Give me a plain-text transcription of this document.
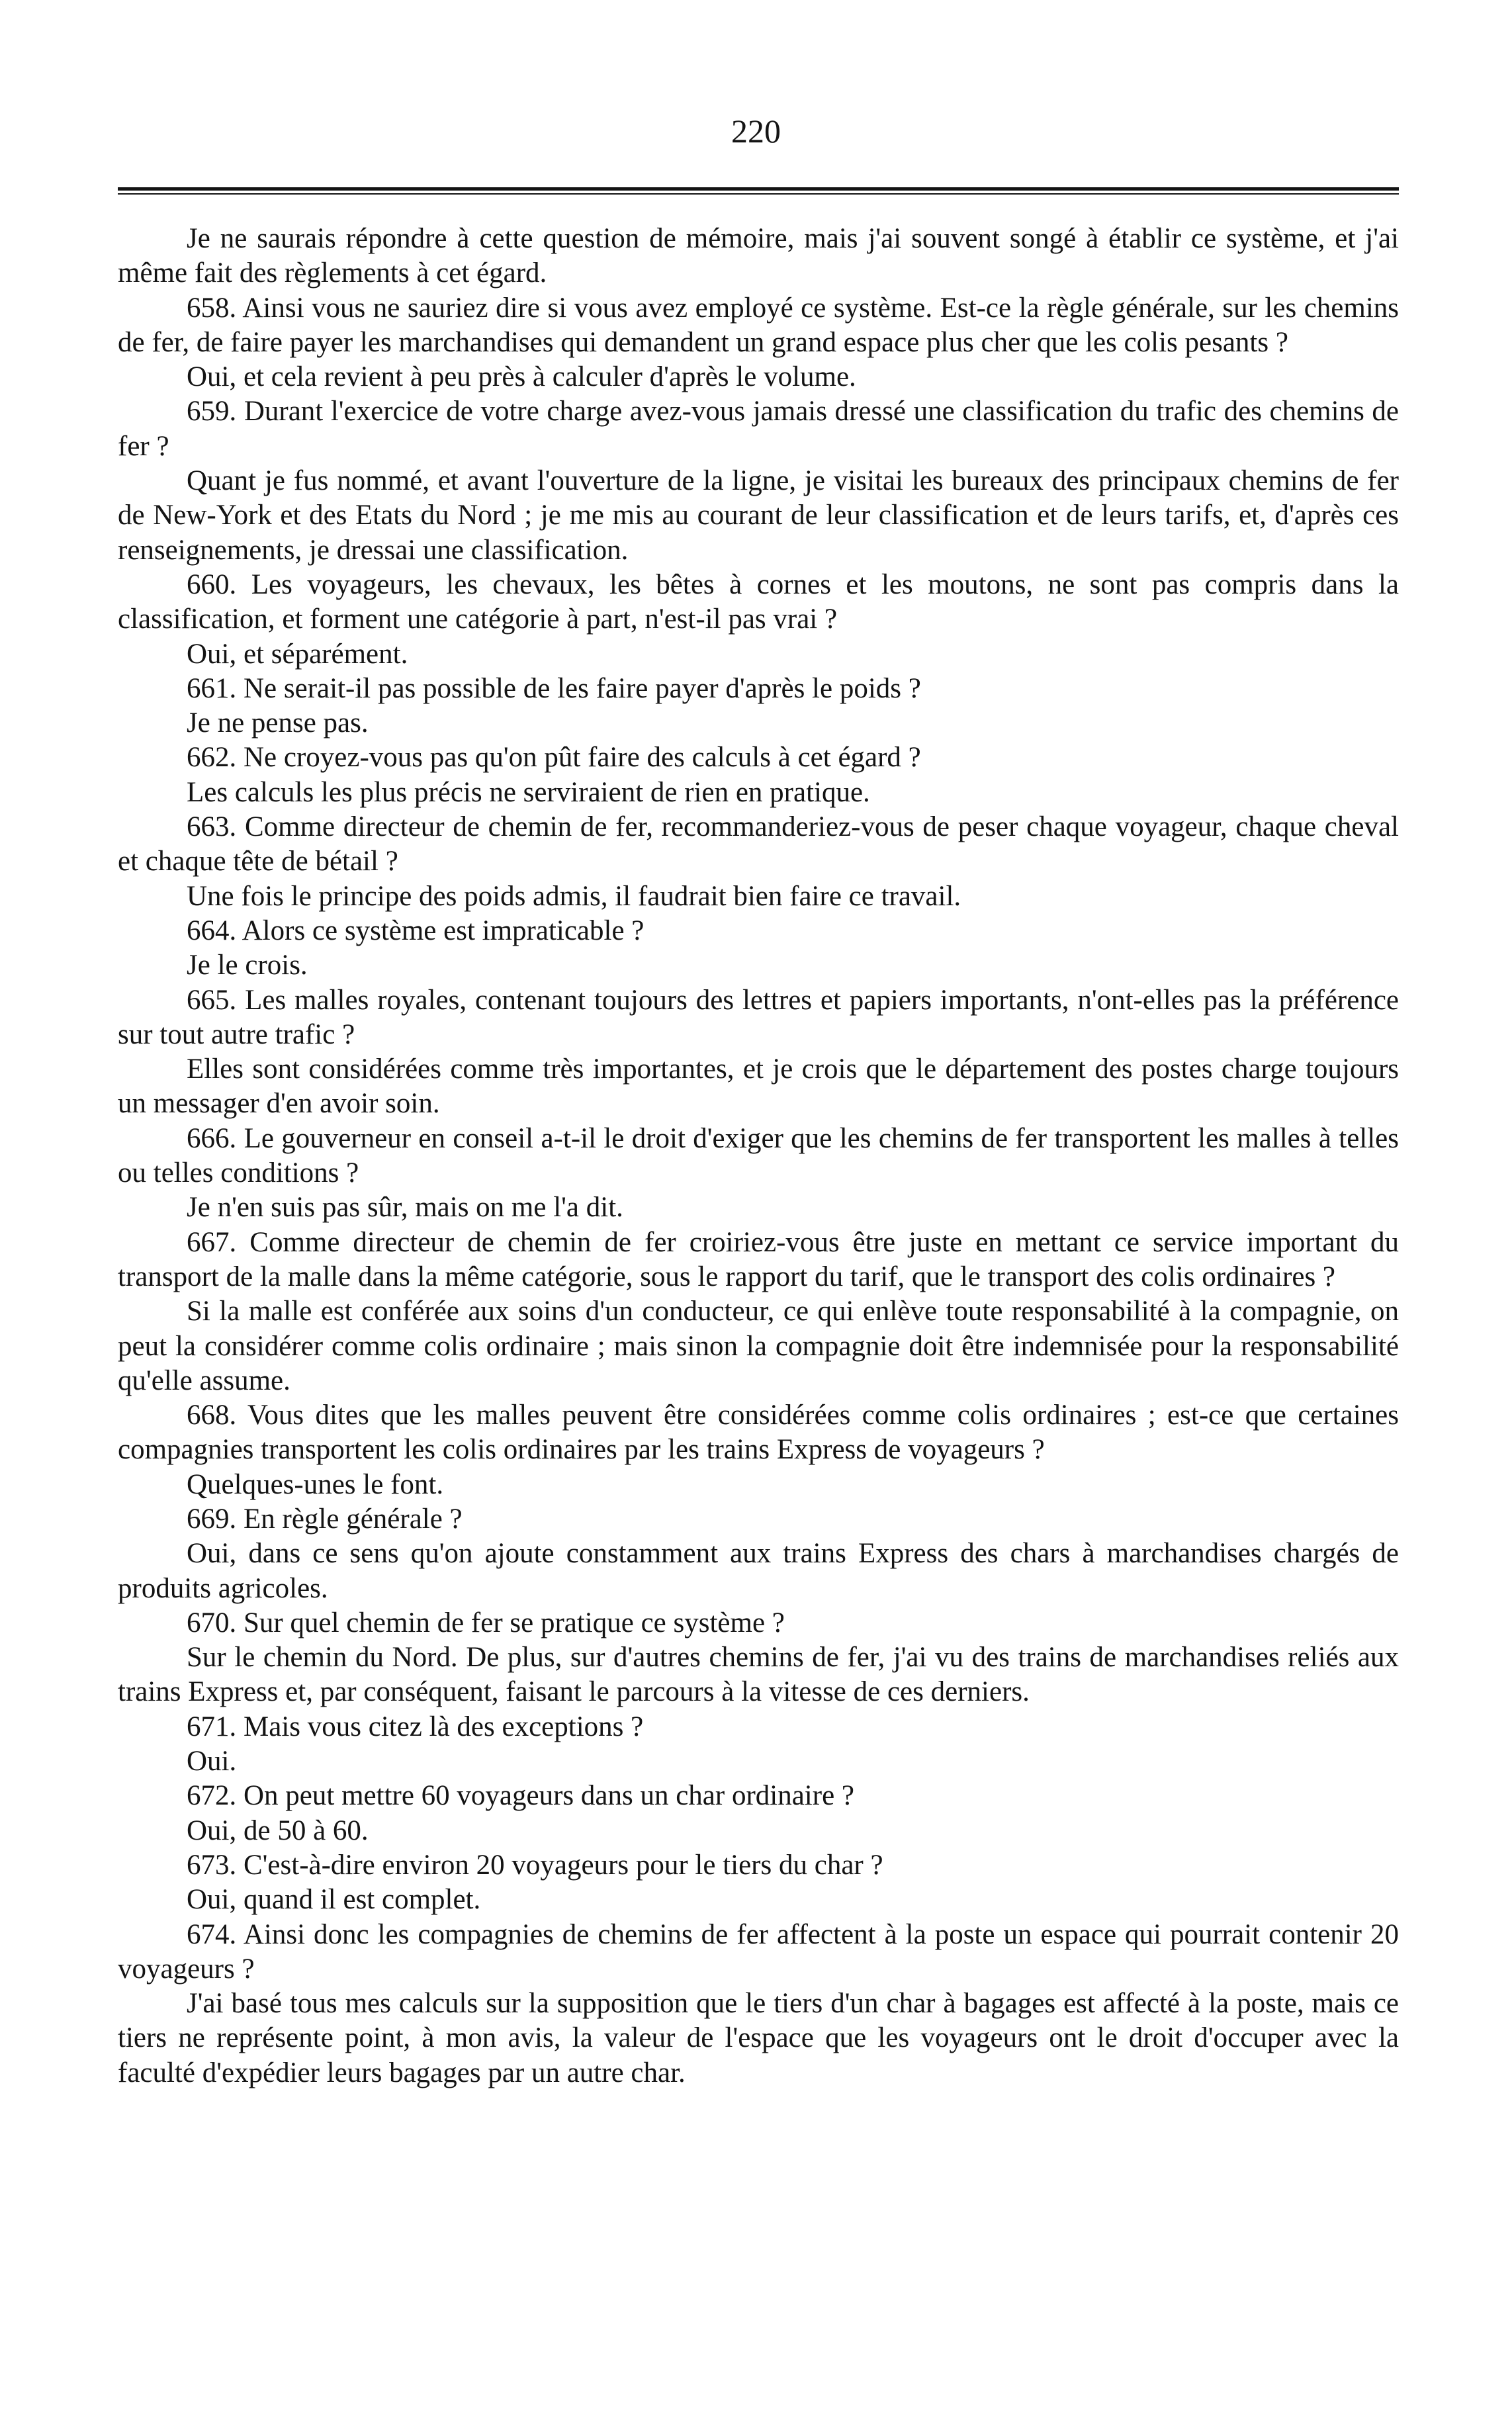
220

Je ne saurais répondre à cette question de mémoire, mais j'ai souvent songé à établir ce système, et j'ai même fait des règlements à cet égard.

658. Ainsi vous ne sauriez dire si vous avez employé ce système. Est-ce la règle générale, sur les chemins de fer, de faire payer les marchandises qui demandent un grand espace plus cher que les colis pesants ?

Oui, et cela revient à peu près à calculer d'après le volume.

659. Durant l'exercice de votre charge avez-vous jamais dressé une classification du trafic des chemins de fer ?

Quant je fus nommé, et avant l'ouverture de la ligne, je visitai les bureaux des principaux chemins de fer de New-York et des Etats du Nord ; je me mis au courant de leur classification et de leurs tarifs, et, d'après ces renseignements, je dressai une classification.

660. Les voyageurs, les chevaux, les bêtes à cornes et les moutons, ne sont pas compris dans la classification, et forment une catégorie à part, n'est-il pas vrai ?

Oui, et séparément.

661. Ne serait-il pas possible de les faire payer d'après le poids ?

Je ne pense pas.

662. Ne croyez-vous pas qu'on pût faire des calculs à cet égard ?

Les calculs les plus précis ne serviraient de rien en pratique.

663. Comme directeur de chemin de fer, recommanderiez-vous de peser chaque voyageur, chaque cheval et chaque tête de bétail ?

Une fois le principe des poids admis, il faudrait bien faire ce travail.

664. Alors ce système est impraticable ?

Je le crois.

665. Les malles royales, contenant toujours des lettres et papiers importants, n'ont-elles pas la préférence sur tout autre trafic ?

Elles sont considérées comme très importantes, et je crois que le département des postes charge toujours un messager d'en avoir soin.

666. Le gouverneur en conseil a-t-il le droit d'exiger que les chemins de fer transportent les malles à telles ou telles conditions ?

Je n'en suis pas sûr, mais on me l'a dit.

667. Comme directeur de chemin de fer croiriez-vous être juste en mettant ce service important du transport de la malle dans la même catégorie, sous le rapport du tarif, que le transport des colis ordinaires ?

Si la malle est conférée aux soins d'un conducteur, ce qui enlève toute responsabilité à la compagnie, on peut la considérer comme colis ordinaire ; mais sinon la compagnie doit être indemnisée pour la responsabilité qu'elle assume.

668. Vous dites que les malles peuvent être considérées comme colis ordinaires ; est-ce que certaines compagnies transportent les colis ordinaires par les trains Express de voyageurs ?

Quelques-unes le font.

669. En règle générale ?

Oui, dans ce sens qu'on ajoute constamment aux trains Express des chars à marchandises chargés de produits agricoles.

670. Sur quel chemin de fer se pratique ce système ?

Sur le chemin du Nord. De plus, sur d'autres chemins de fer, j'ai vu des trains de marchandises reliés aux trains Express et, par conséquent, faisant le parcours à la vitesse de ces derniers.

671. Mais vous citez là des exceptions ?

Oui.

672. On peut mettre 60 voyageurs dans un char ordinaire ?

Oui, de 50 à 60.

673. C'est-à-dire environ 20 voyageurs pour le tiers du char ?

Oui, quand il est complet.

674. Ainsi donc les compagnies de chemins de fer affectent à la poste un espace qui pourrait contenir 20 voyageurs ?

J'ai basé tous mes calculs sur la supposition que le tiers d'un char à bagages est affecté à la poste, mais ce tiers ne représente point, à mon avis, la valeur de l'espace que les voyageurs ont le droit d'occuper avec la faculté d'expédier leurs bagages par un autre char.
